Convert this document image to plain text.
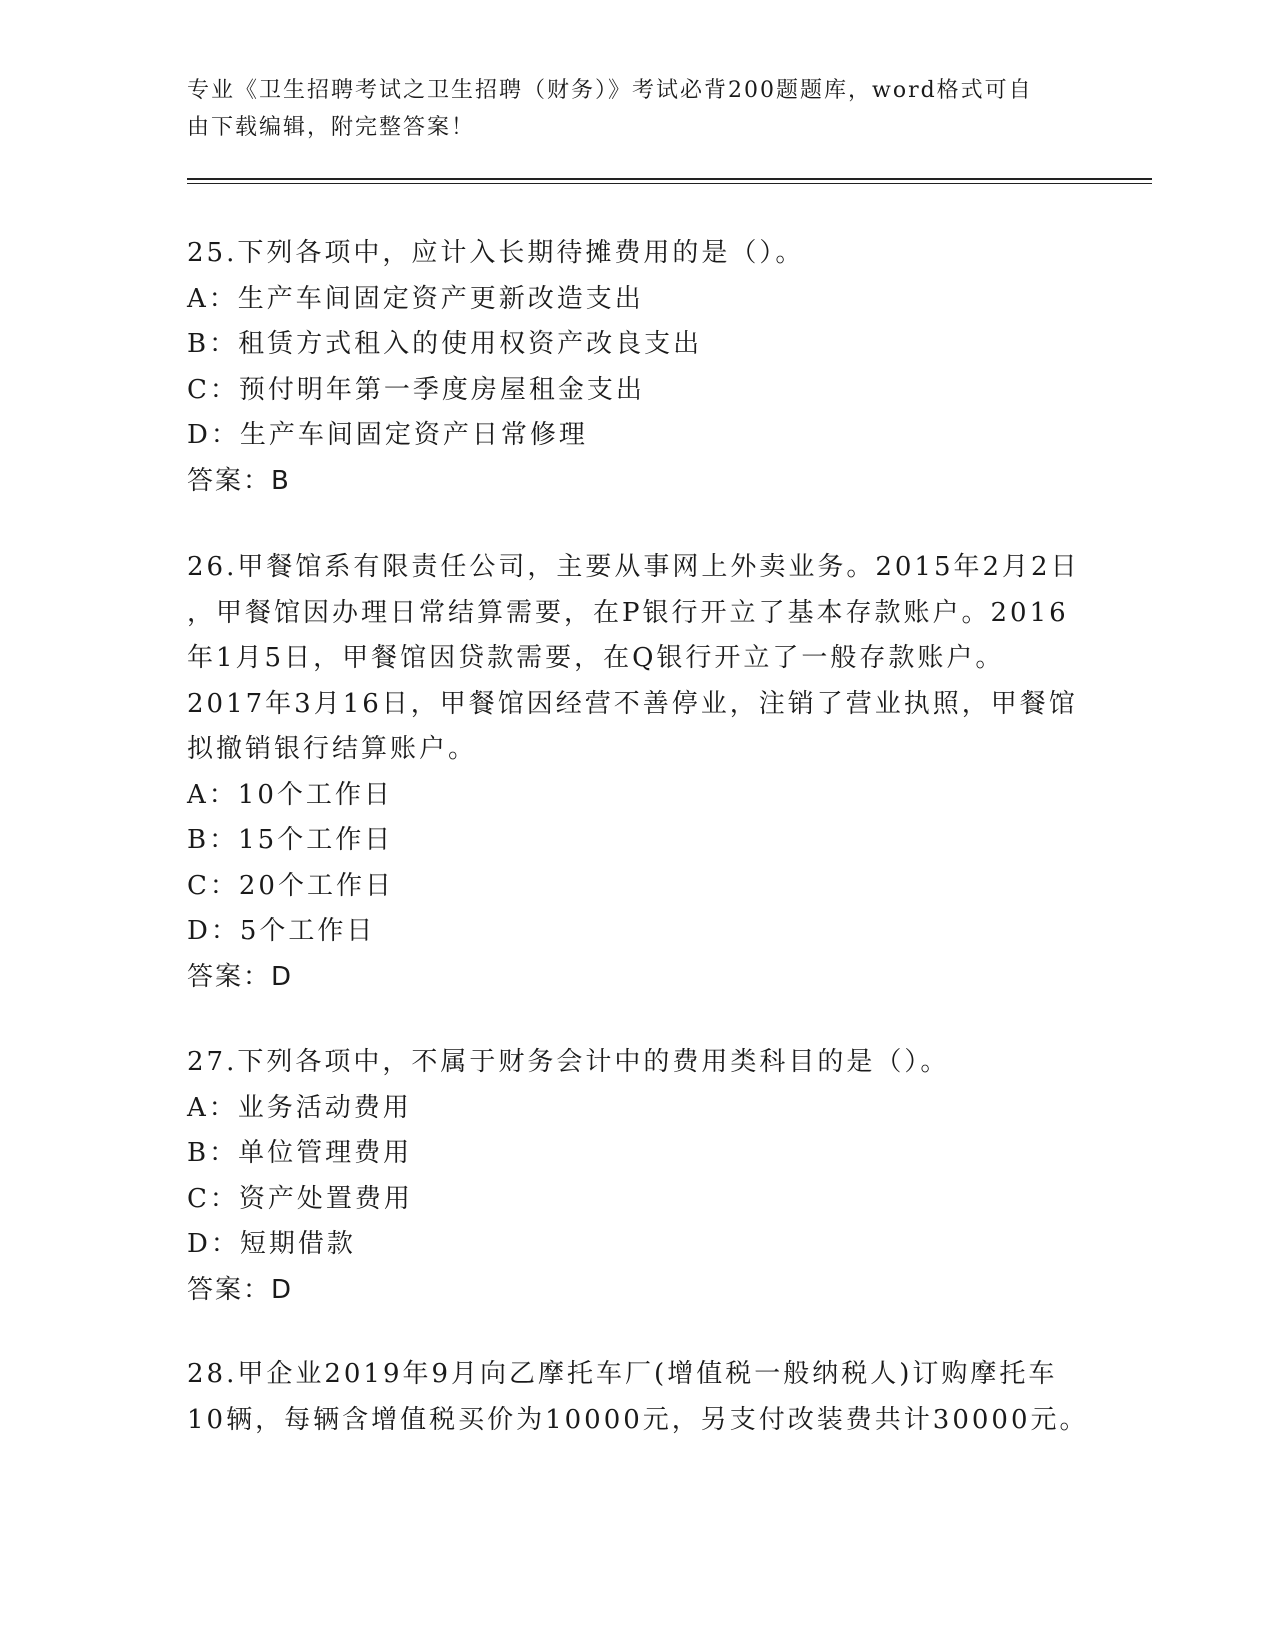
专业《卫生招聘考试之卫生招聘（财务）》考试必背200题题库，word格式可自
由下载编辑，附完整答案！
25.下列各项中，应计入长期待摊费用的是（）。
A：生产车间固定资产更新改造支出
B：租赁方式租入的使用权资产改良支出
C：预付明年第一季度房屋租金支出
D：生产车间固定资产日常修理
答案：B
26.甲餐馆系有限责任公司，主要从事网上外卖业务。2015年2月2日
，甲餐馆因办理日常结算需要，在P银行开立了基本存款账户。2016
年1月5日，甲餐馆因贷款需要，在Q银行开立了一般存款账户。
2017年3月16日，甲餐馆因经营不善停业，注销了营业执照，甲餐馆
拟撤销银行结算账户。
A：10个工作日
B：15个工作日
C：20个工作日
D：5个工作日
答案：D
27.下列各项中，不属于财务会计中的费用类科目的是（）。
A：业务活动费用
B：单位管理费用
C：资产处置费用
D：短期借款
答案：D
28.甲企业2019年9月向乙摩托车厂(增值税一般纳税人)订购摩托车
10辆，每辆含增值税买价为10000元，另支付改装费共计30000元。
